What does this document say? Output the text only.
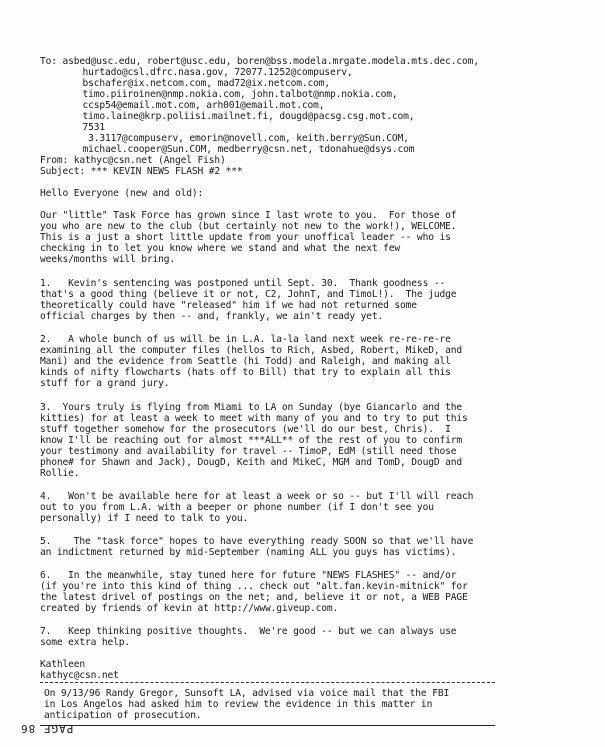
To: asbed@usc.edu, robert@usc.edu, boren@bss.modela.mrgate.modela.mts.dec.com,
hurtado@csl.dfrc.nasa.gov, 72077.1252@compuserv,
bschafer@ix.netcom.com, mad72@ix.netcom.com,
timo.piiroinen@nmp.nokia.com, john.talbot@nmp.nokia.com,
ccsp54@email.mot.com, arh001@email.mot.com,
timo.laine@krp.poliisi.mailnet.fi, dougd@pacsg.csg.mot.com,
7531
3.3117@compuserv, emorin@novell.com, keith.berry@Sun.COM,
michael.cooper@Sun.COM, medberry@csn.net, tdonahue@dsys.com
From: kathyc@csn.net (Angel Fish)
Subject: *** KEVIN NEWS FLASH #2 ***
Hello Everyone (new and old):
Our "little" Task Force has grown since I last wrote to you.  For those of
you who are new to the club (but certainly not new to the work!), WELCOME.
This is a just a short little update from your unoffical leader -- who is
checking in to let you know where we stand and what the next few
weeks/months will bring.
1.   Kevin's sentencing was postponed until Sept. 30.  Thank goodness --
that's a good thing (believe it or not, C2, JohnT, and TimoL!).  The judge
theoretically could have "released" him if we had not returned some
official charges by then -- and, frankly, we ain't ready yet.
2.   A whole bunch of us will be in L.A. la-la land next week re-re-re-re
examining all the computer files (hellos to Rich, Asbed, Robert, MikeD, and
Mani) and the evidence from Seattle (hi Todd) and Raleigh, and making all
kinds of nifty flowcharts (hats off to Bill) that try to explain all this
stuff for a grand jury.
3.  Yours truly is flying from Miami to LA on Sunday (bye Giancarlo and the
kitties) for at least a week to meet with many of you and to try to put this
stuff together somehow for the prosecutors (we'll do our best, Chris).  I
know I'll be reaching out for almost ***ALL** of the rest of you to confirm
your testimony and availability for travel -- TimoP, EdM (still need those
phone# for Shawn and Jack), DougD, Keith and MikeC, MGM and TomD, DougD and
Rollie.
4.   Won't be available here for at least a week or so -- but I'll will reach
out to you from L.A. with a beeper or phone number (if I don't see you
personally) if I need to talk to you.
5.    The "task force" hopes to have everything ready SOON so that we'll have
an indictment returned by mid-September (naming ALL you guys has victims).
6.   In the meanwhile, stay tuned here for future "NEWS FLASHES" -- and/or
(if you're into this kind of thing ... check out "alt.fan.kevin-mitnick" for
the latest drivel of postings on the net; and, believe it or not, a WEB PAGE
created by friends of kevin at http://www.giveup.com.
7.   Keep thinking positive thoughts.  We're good -- but we can always use
some extra help.
Kathleen
kathyc@csn.net
On 9/13/96 Randy Gregor, Sunsoft LA, advised via voice mail that the FBI
in Los Angelos had asked him to review the evidence in this matter in
anticipation of prosecution.
PAGE 86
